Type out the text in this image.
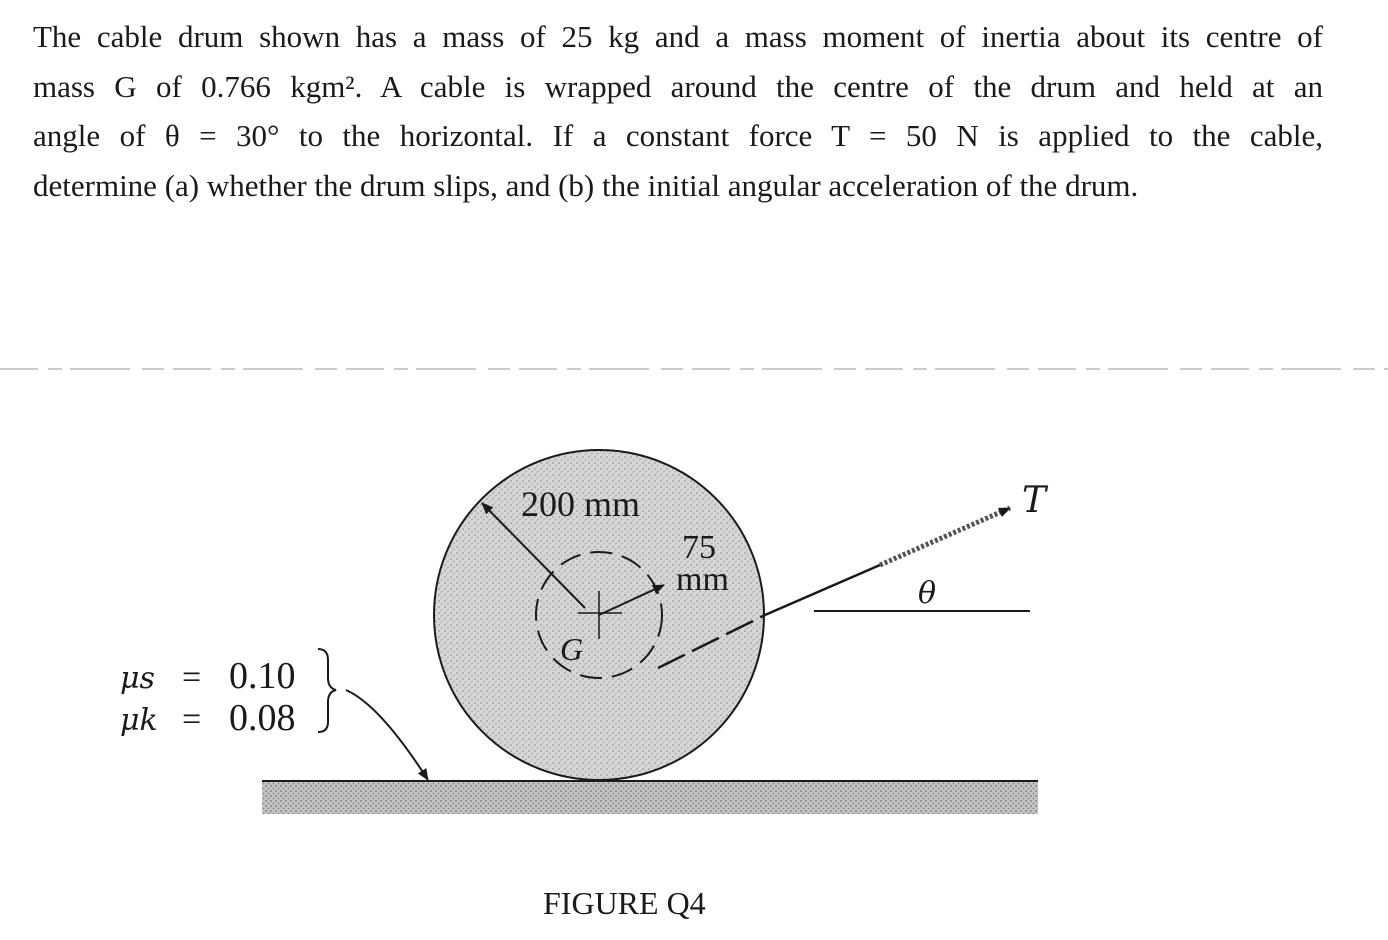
The cable drum shown has a mass of 25 kg and a mass moment of inertia about its centre of
mass G of 0.766 kgm². A cable is wrapped around the centre of the drum and held at an
angle of θ = 30° to the horizontal. If a constant force T = 50 N is applied to the cable,
determine (a) whether the drum slips, and (b) the initial angular acceleration of the drum.
200 mm
75
mm
G
T
θ
μs = 0.10
μk = 0.08
FIGURE Q4
